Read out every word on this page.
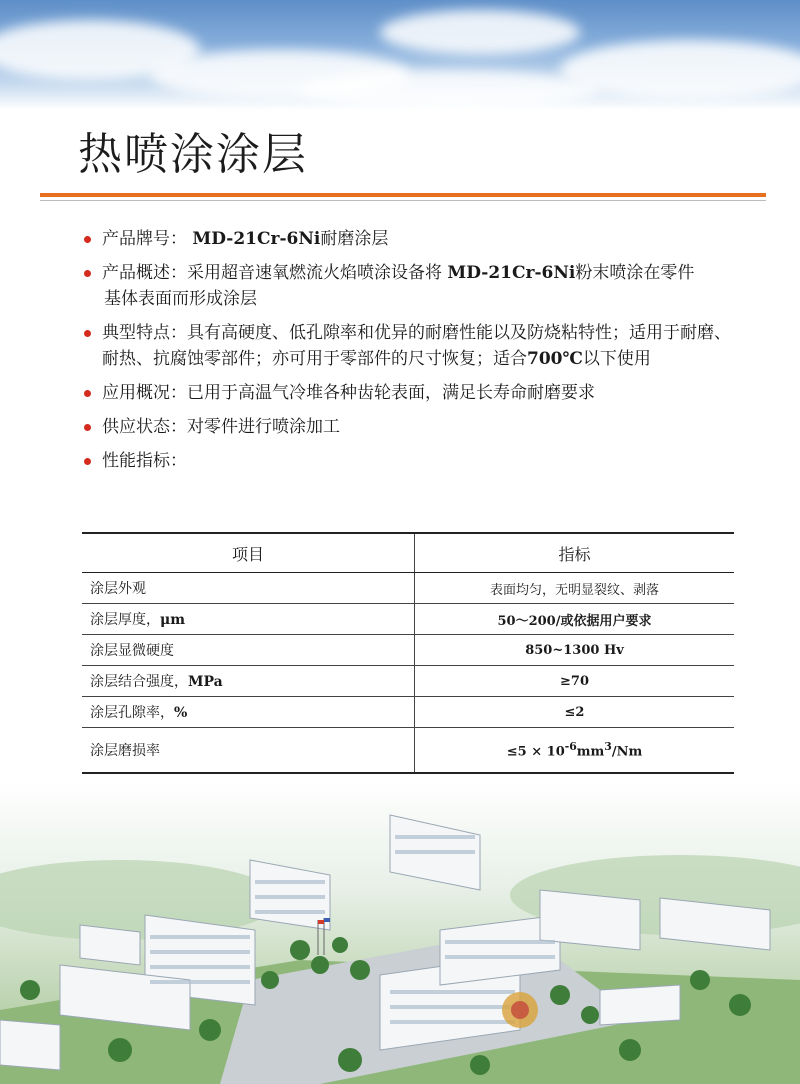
热喷涂涂层
产品牌号： MD-21Cr-6Ni耐磨涂层
产品概述：采用超音速氧燃流火焰喷涂设备将 MD-21Cr-6Ni粉末喷涂在零件
基体表面而形成涂层
典型特点：具有高硬度、低孔隙率和优异的耐磨性能以及防烧粘特性；适用于耐磨、耐热、抗腐蚀零部件；亦可用于零部件的尺寸恢复；适合700℃以下使用
应用概况：已用于高温气冷堆各种齿轮表面，满足长寿命耐磨要求
供应状态：对零件进行喷涂加工
性能指标：
项目	指标
涂层外观	表面均匀，无明显裂纹、剥落
涂层厚度，μm	50～200/或依据用户要求
涂层显微硬度	850~1300 Hv
涂层结合强度，MPa	≥70
涂层孔隙率，%	≤2
涂层磨损率	$\le 5 \times 10^{-6}mm^3/Nm$
